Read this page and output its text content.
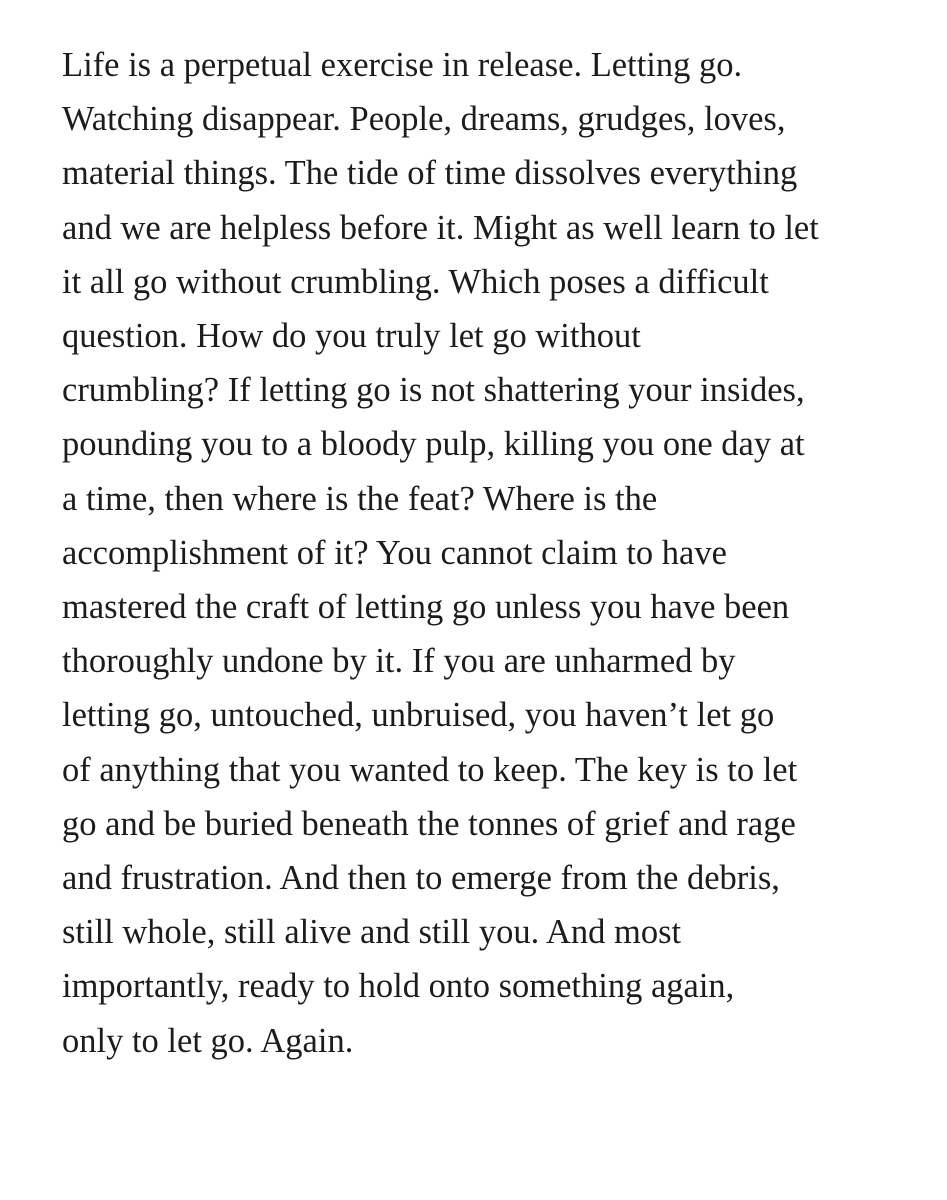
Life is a perpetual exercise in release. Letting go.
Watching disappear. People, dreams, grudges, loves,
material things. The tide of time dissolves everything
and we are helpless before it. Might as well learn to let
it all go without crumbling. Which poses a difficult
question. How do you truly let go without
crumbling? If letting go is not shattering your insides,
pounding you to a bloody pulp, killing you one day at
a time, then where is the feat? Where is the
accomplishment of it? You cannot claim to have
mastered the craft of letting go unless you have been
thoroughly undone by it. If you are unharmed by
letting go, untouched, unbruised, you haven’t let go
of anything that you wanted to keep. The key is to let
go and be buried beneath the tonnes of grief and rage
and frustration. And then to emerge from the debris,
still whole, still alive and still you. And most
importantly, ready to hold onto something again,
only to let go. Again.
